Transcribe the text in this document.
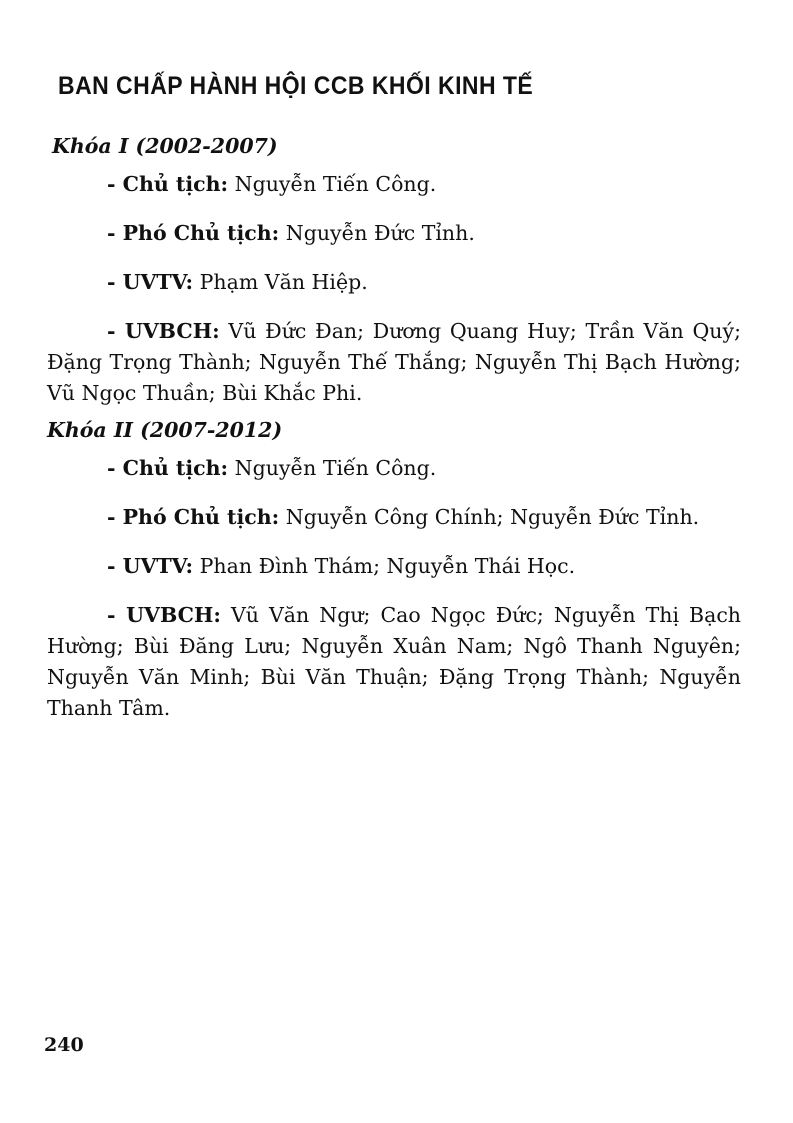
BAN CHẤP HÀNH HỘI CCB KHỐI KINH TẾ

Khóa I (2002-2007)

- Chủ tịch: Nguyễn Tiến Công.

- Phó Chủ tịch: Nguyễn Đức Tỉnh.

- UVTV: Phạm Văn Hiệp.

- UVBCH: Vũ Đức Đan; Dương Quang Huy; Trần Văn Quý; Đặng Trọng Thành; Nguyễn Thế Thắng; Nguyễn Thị Bạch Hường; Vũ Ngọc Thuần; Bùi Khắc Phi.

Khóa II (2007-2012)

- Chủ tịch: Nguyễn Tiến Công.

- Phó Chủ tịch: Nguyễn Công Chính; Nguyễn Đức Tỉnh.

- UVTV: Phan Đình Thám; Nguyễn Thái Học.

- UVBCH: Vũ Văn Ngư; Cao Ngọc Đức; Nguyễn Thị Bạch Hường; Bùi Đăng Lưu; Nguyễn Xuân Nam; Ngô Thanh Nguyên; Nguyễn Văn Minh; Bùi Văn Thuận; Đặng Trọng Thành; Nguyễn Thanh Tâm.

240
